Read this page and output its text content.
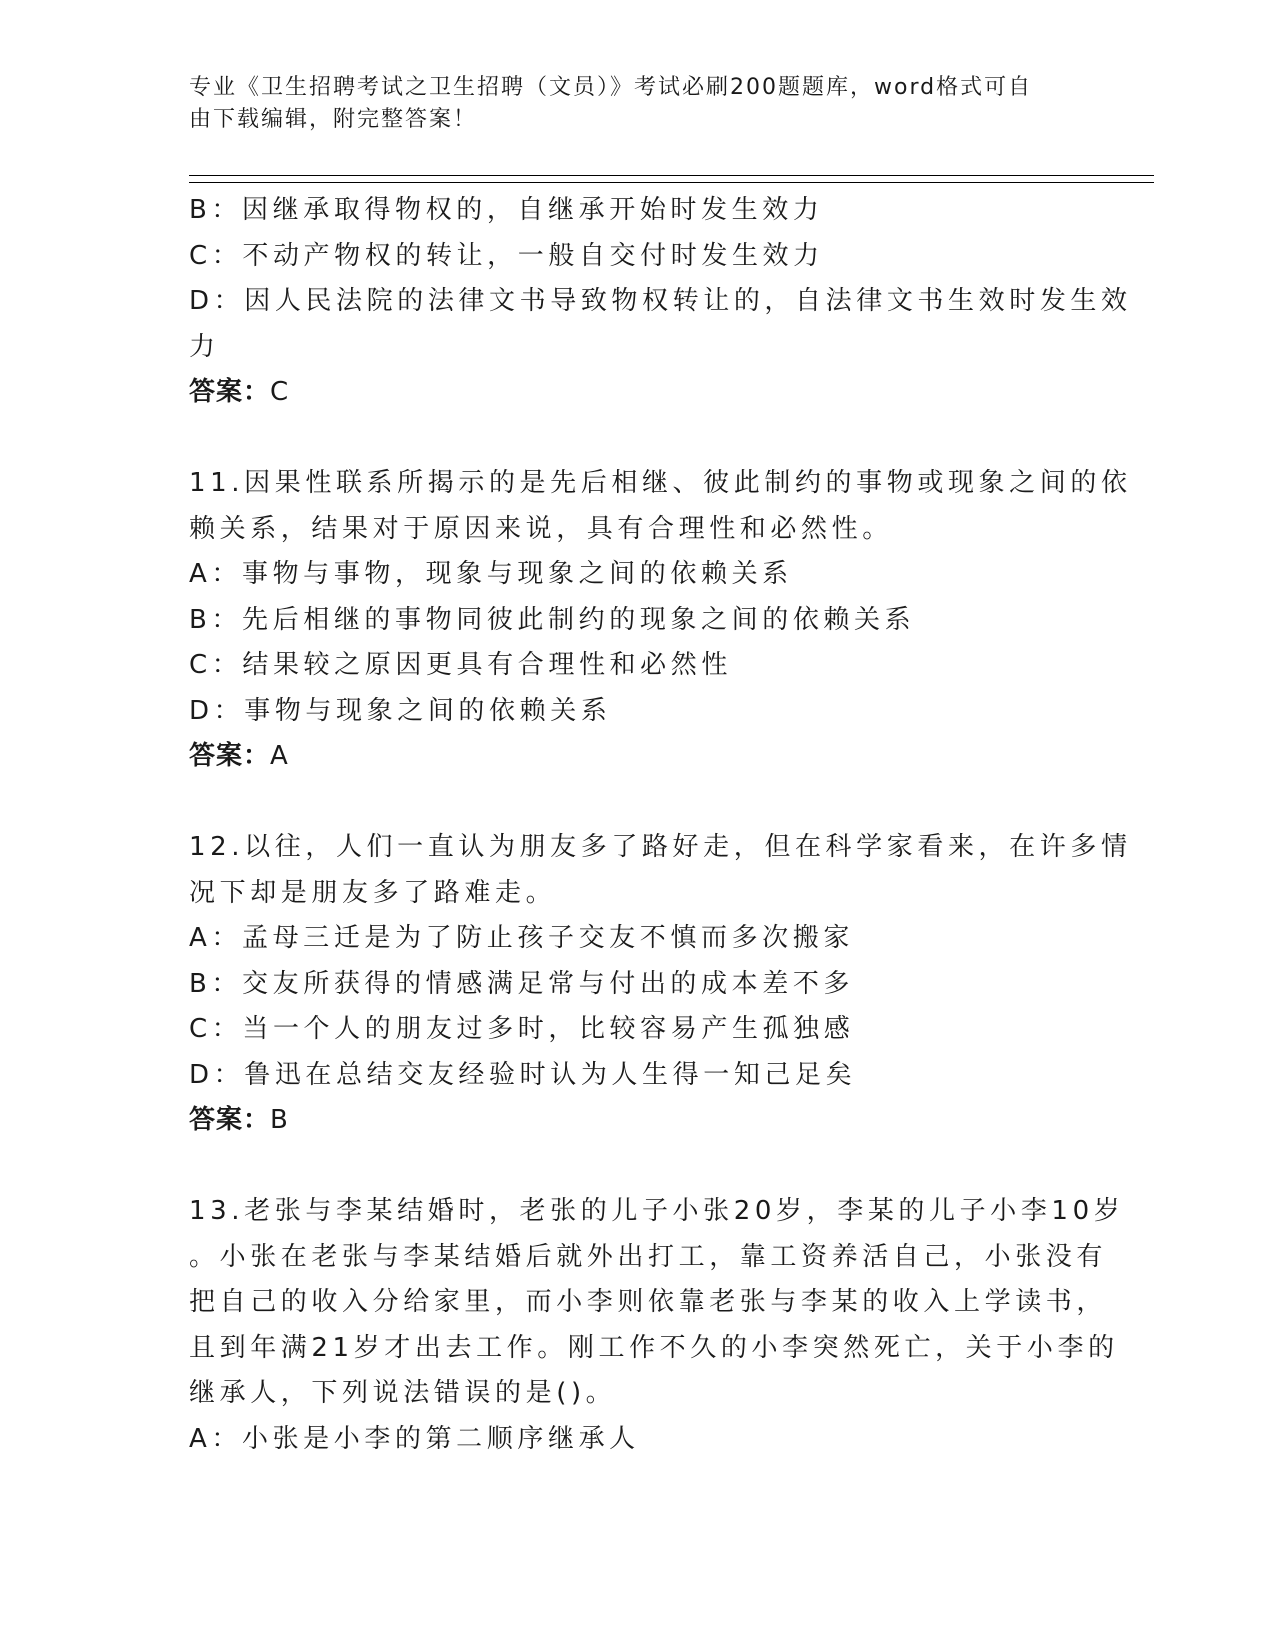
专业《卫生招聘考试之卫生招聘（文员）》考试必刷200题题库，word格式可自
由下载编辑，附完整答案！
B：因继承取得物权的，自继承开始时发生效力
C：不动产物权的转让，一般自交付时发生效力
D：因人民法院的法律文书导致物权转让的，自法律文书生效时发生效
力
答案：C
11.因果性联系所揭示的是先后相继、彼此制约的事物或现象之间的依
赖关系，结果对于原因来说，具有合理性和必然性。
A：事物与事物，现象与现象之间的依赖关系
B：先后相继的事物同彼此制约的现象之间的依赖关系
C：结果较之原因更具有合理性和必然性
D：事物与现象之间的依赖关系
答案：A
12.以往，人们一直认为朋友多了路好走，但在科学家看来，在许多情
况下却是朋友多了路难走。
A：孟母三迁是为了防止孩子交友不慎而多次搬家
B：交友所获得的情感满足常与付出的成本差不多
C：当一个人的朋友过多时，比较容易产生孤独感
D：鲁迅在总结交友经验时认为人生得一知己足矣
答案：B
13.老张与李某结婚时，老张的儿子小张20岁，李某的儿子小李10岁
。小张在老张与李某结婚后就外出打工，靠工资养活自己，小张没有
把自己的收入分给家里，而小李则依靠老张与李某的收入上学读书，
且到年满21岁才出去工作。刚工作不久的小李突然死亡，关于小李的
继承人，下列说法错误的是()。
A：小张是小李的第二顺序继承人
